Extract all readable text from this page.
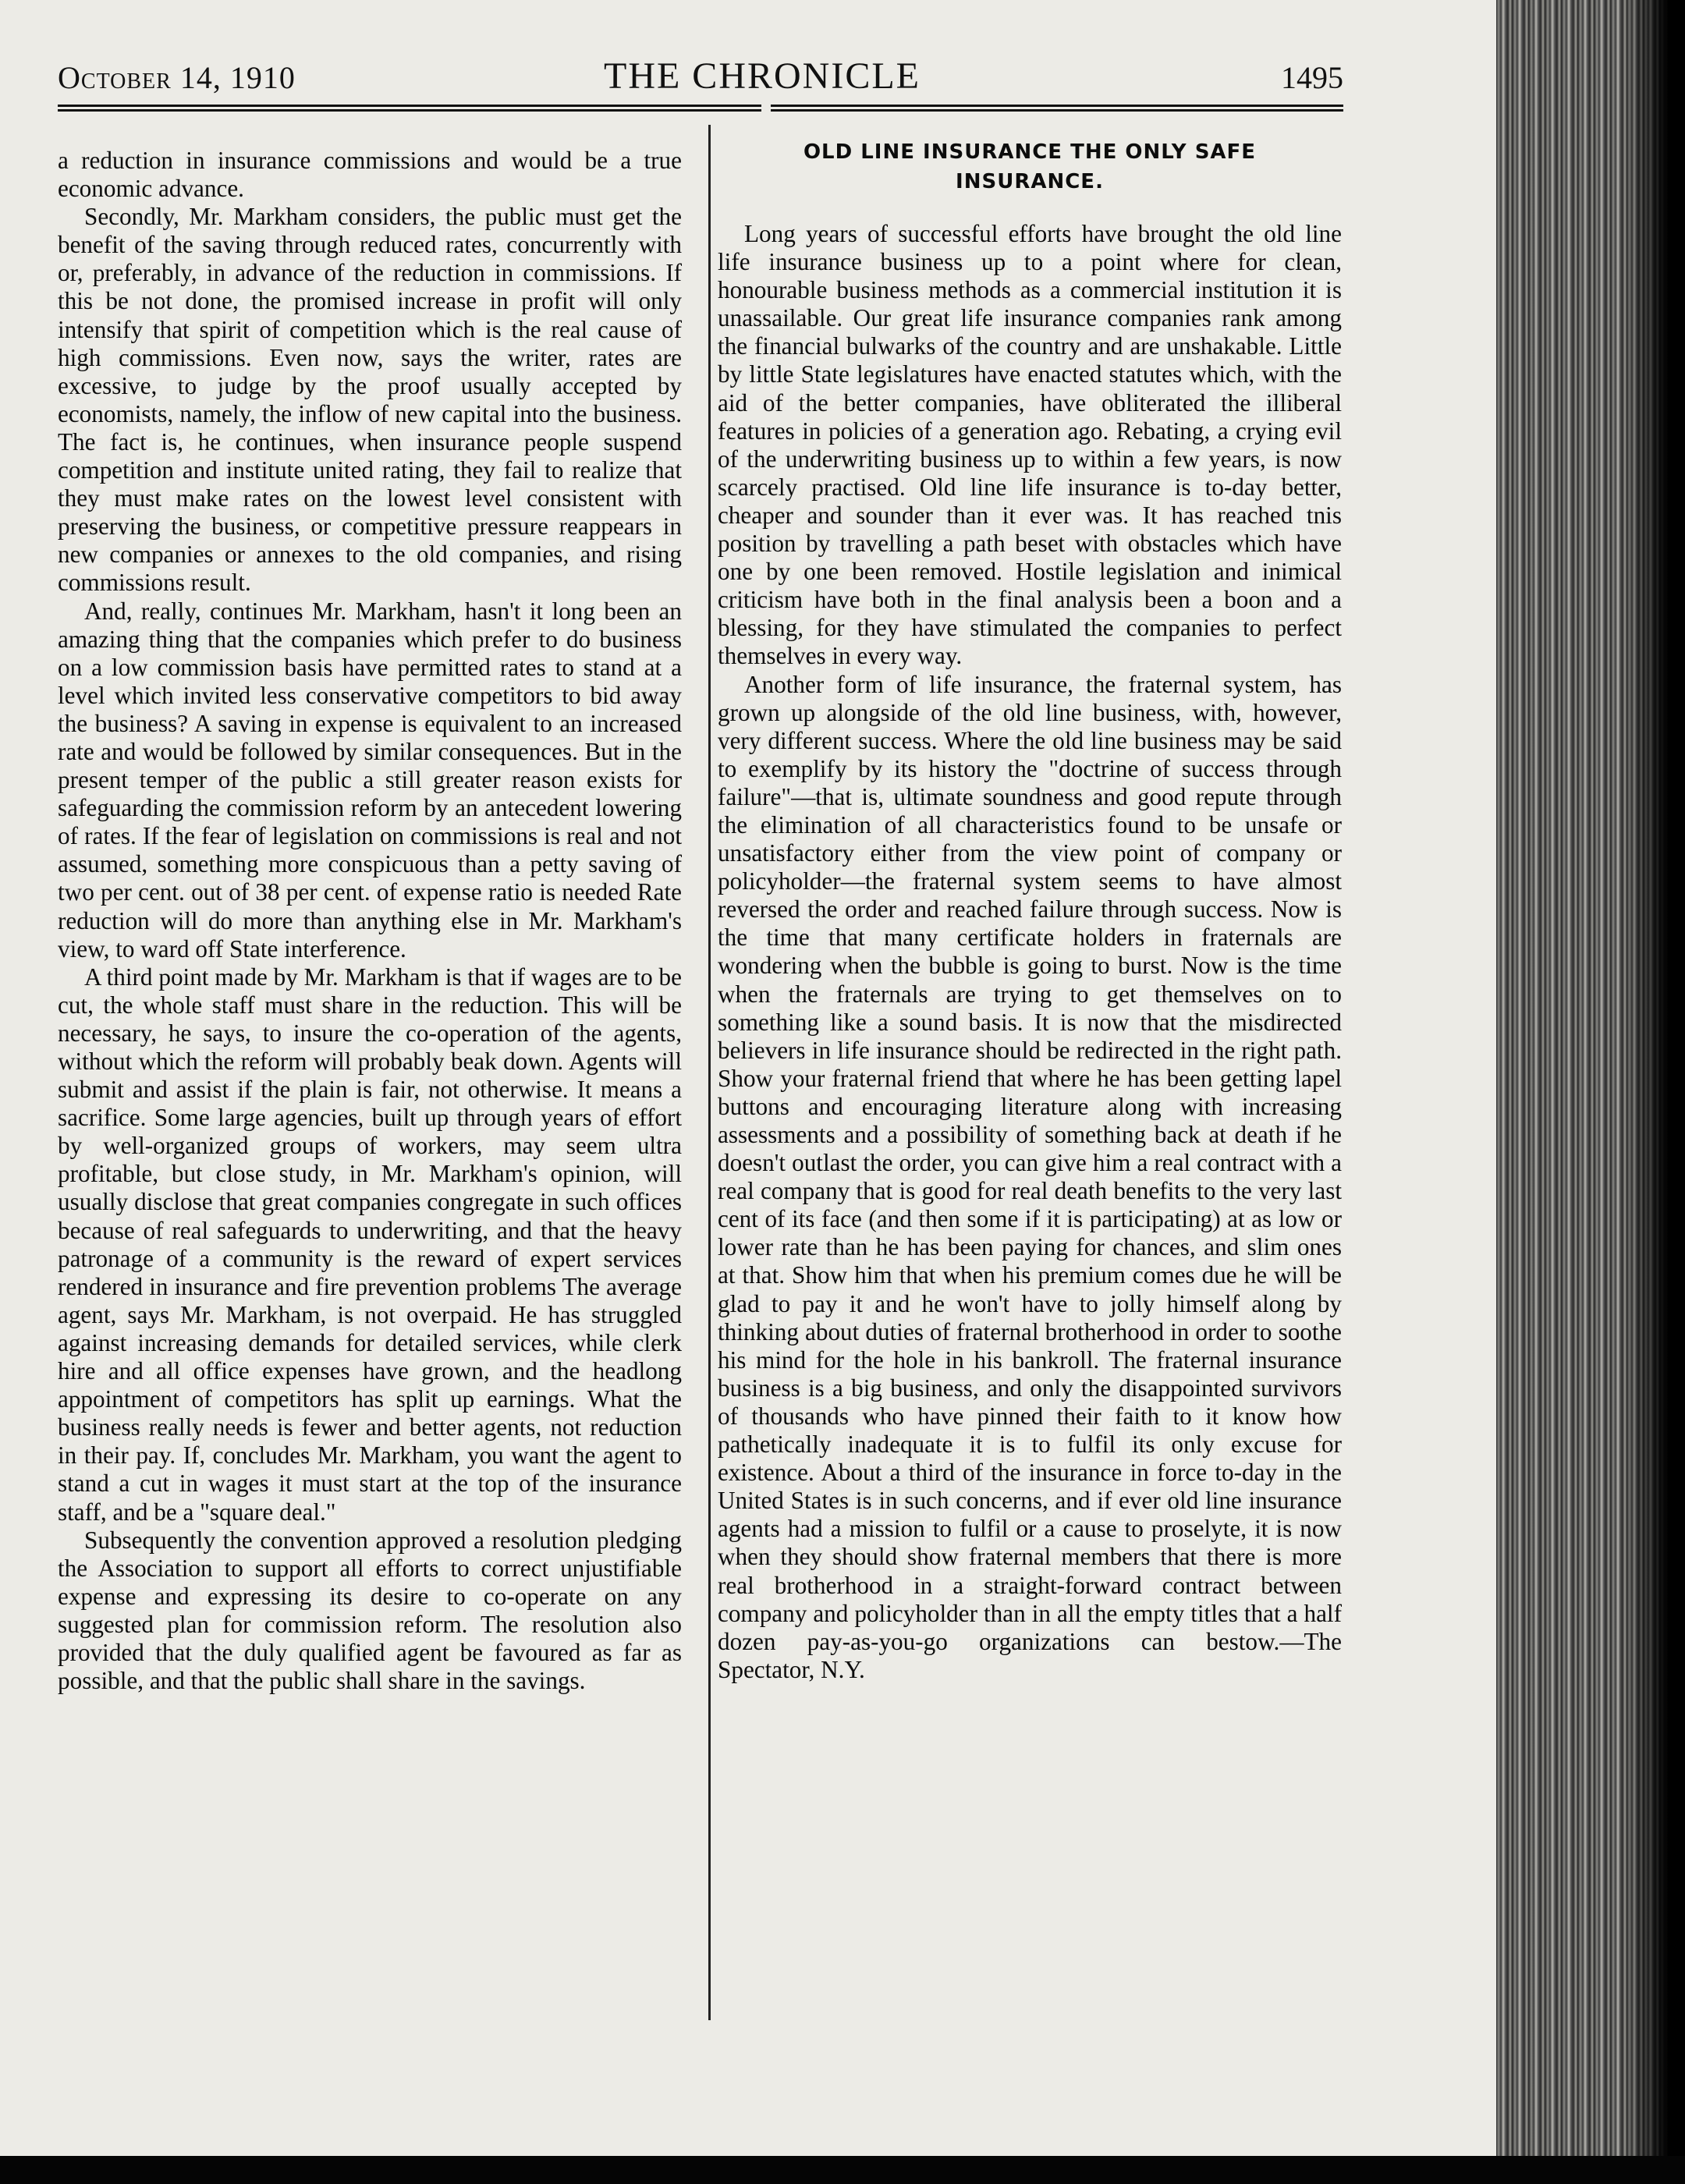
October 14, 1910	THE CHRONICLE	1495

a reduction in insurance commissions and would be a true economic advance.

Secondly, Mr. Markham considers, the public must get the benefit of the saving through reduced rates, concurrently with or, preferably, in advance of the reduction in commissions. If this be not done, the promised increase in profit will only intensify that spirit of competition which is the real cause of high commissions. Even now, says the writer, rates are excessive, to judge by the proof usually accepted by economists, namely, the inflow of new capital into the business. The fact is, he continues, when insurance people suspend competition and institute united rating, they fail to realize that they must make rates on the lowest level consistent with preserving the business, or competitive pressure reappears in new companies or annexes to the old companies, and rising commissions result.

And, really, continues Mr. Markham, hasn't it long been an amazing thing that the companies which prefer to do business on a low commission basis have permitted rates to stand at a level which invited less conservative competitors to bid away the business? A saving in expense is equivalent to an increased rate and would be followed by similar consequences. But in the present temper of the public a still greater reason exists for safeguarding the commission reform by an antecedent lowering of rates. If the fear of legislation on commissions is real and not assumed, something more conspicuous than a petty saving of two per cent. out of 38 per cent. of expense ratio is needed Rate reduction will do more than anything else in Mr. Markham's view, to ward off State interference.

A third point made by Mr. Markham is that if wages are to be cut, the whole staff must share in the reduction. This will be necessary, he says, to insure the co-operation of the agents, without which the reform will probably beak down. Agents will submit and assist if the plain is fair, not otherwise. It means a sacrifice. Some large agencies, built up through years of effort by well-organized groups of workers, may seem ultra profitable, but close study, in Mr. Markham's opinion, will usually disclose that great companies congregate in such offices because of real safeguards to underwriting, and that the heavy patronage of a community is the reward of expert services rendered in insurance and fire prevention problems The average agent, says Mr. Markham, is not overpaid. He has struggled against increasing demands for detailed services, while clerk hire and all office expenses have grown, and the headlong appointment of competitors has split up earnings. What the business really needs is fewer and better agents, not reduction in their pay. If, concludes Mr. Markham, you want the agent to stand a cut in wages it must start at the top of the insurance staff, and be a "square deal."

Subsequently the convention approved a resolution pledging the Association to support all efforts to correct unjustifiable expense and expressing its desire to co-operate on any suggested plan for commission reform. The resolution also provided that the duly qualified agent be favoured as far as possible, and that the public shall share in the savings.

OLD LINE INSURANCE THE ONLY SAFE
INSURANCE.

Long years of successful efforts have brought the old line life insurance business up to a point where for clean, honourable business methods as a commercial institution it is unassailable. Our great life insurance companies rank among the financial bulwarks of the country and are unshakable. Little by little State legislatures have enacted statutes which, with the aid of the better companies, have obliterated the illiberal features in policies of a generation ago. Rebating, a crying evil of the underwriting business up to within a few years, is now scarcely practised. Old line life insurance is to-day better, cheaper and sounder than it ever was. It has reached tnis position by travelling a path beset with obstacles which have one by one been removed. Hostile legislation and inimical criticism have both in the final analysis been a boon and a blessing, for they have stimulated the companies to perfect themselves in every way.

Another form of life insurance, the fraternal system, has grown up alongside of the old line business, with, however, very different success. Where the old line business may be said to exemplify by its history the "doctrine of success through failure"—that is, ultimate soundness and good repute through the elimination of all characteristics found to be unsafe or unsatisfactory either from the view point of company or policyholder—the fraternal system seems to have almost reversed the order and reached failure through success. Now is the time that many certificate holders in fraternals are wondering when the bubble is going to burst. Now is the time when the fraternals are trying to get themselves on to something like a sound basis. It is now that the misdirected believers in life insurance should be redirected in the right path. Show your fraternal friend that where he has been getting lapel buttons and encouraging literature along with increasing assessments and a possibility of something back at death if he doesn't outlast the order, you can give him a real contract with a real company that is good for real death benefits to the very last cent of its face (and then some if it is participating) at as low or lower rate than he has been paying for chances, and slim ones at that. Show him that when his premium comes due he will be glad to pay it and he won't have to jolly himself along by thinking about duties of fraternal brotherhood in order to soothe his mind for the hole in his bankroll. The fraternal insurance business is a big business, and only the disappointed survivors of thousands who have pinned their faith to it know how pathetically inadequate it is to fulfil its only excuse for existence. About a third of the insurance in force to-day in the United States is in such concerns, and if ever old line insurance agents had a mission to fulfil or a cause to proselyte, it is now when they should show fraternal members that there is more real brotherhood in a straight-forward contract between company and policyholder than in all the empty titles that a half dozen pay-as-you-go organizations can bestow.—The Spectator, N.Y.
